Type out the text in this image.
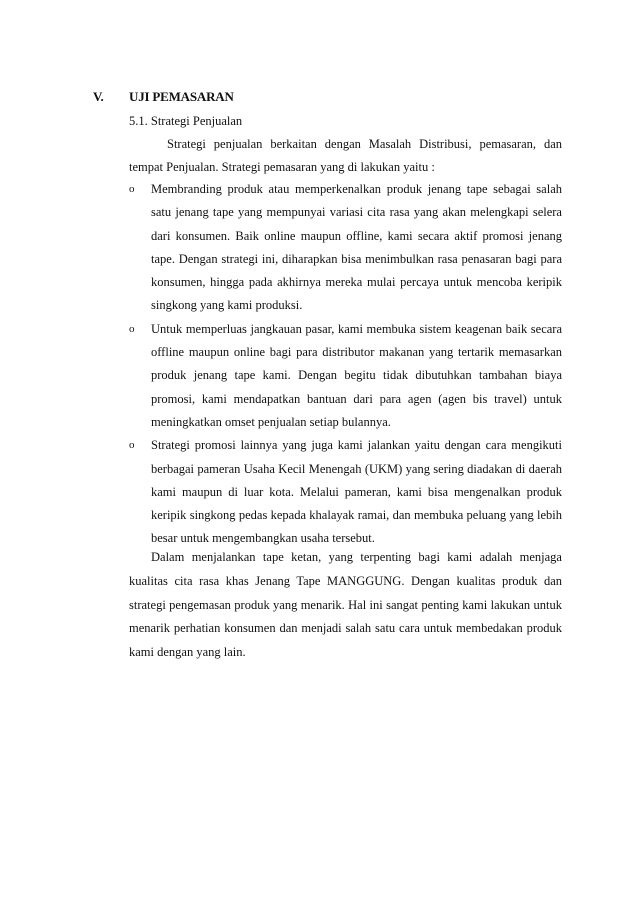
V. UJI PEMASARAN
5.1. Strategi Penjualan

Strategi penjualan berkaitan dengan Masalah Distribusi, pemasaran, dan tempat Penjualan. Strategi pemasaran yang di lakukan yaitu :

o Membranding produk atau memperkenalkan produk jenang tape sebagai salah satu jenang tape yang mempunyai variasi cita rasa yang akan melengkapi selera dari konsumen. Baik online maupun offline, kami secara aktif promosi jenang tape. Dengan strategi ini, diharapkan bisa menimbulkan rasa penasaran bagi para konsumen, hingga pada akhirnya mereka mulai percaya untuk mencoba keripik singkong yang kami produksi.
o Untuk memperluas jangkauan pasar, kami membuka sistem keagenan baik secara offline maupun online bagi para distributor makanan yang tertarik memasarkan produk jenang tape kami. Dengan begitu tidak dibutuhkan tambahan biaya promosi, kami mendapatkan bantuan dari para agen (agen bis travel) untuk meningkatkan omset penjualan setiap bulannya.
o Strategi promosi lainnya yang juga kami jalankan yaitu dengan cara mengikuti berbagai pameran Usaha Kecil Menengah (UKM) yang sering diadakan di daerah kami maupun di luar kota. Melalui pameran, kami bisa mengenalkan produk keripik singkong pedas kepada khalayak ramai, dan membuka peluang yang lebih besar untuk mengembangkan usaha tersebut.

Dalam menjalankan tape ketan, yang terpenting bagi kami adalah menjaga kualitas cita rasa khas Jenang Tape MANGGUNG. Dengan kualitas produk dan strategi pengemasan produk yang menarik. Hal ini sangat penting kami lakukan untuk menarik perhatian konsumen dan menjadi salah satu cara untuk membedakan produk kami dengan yang lain.
